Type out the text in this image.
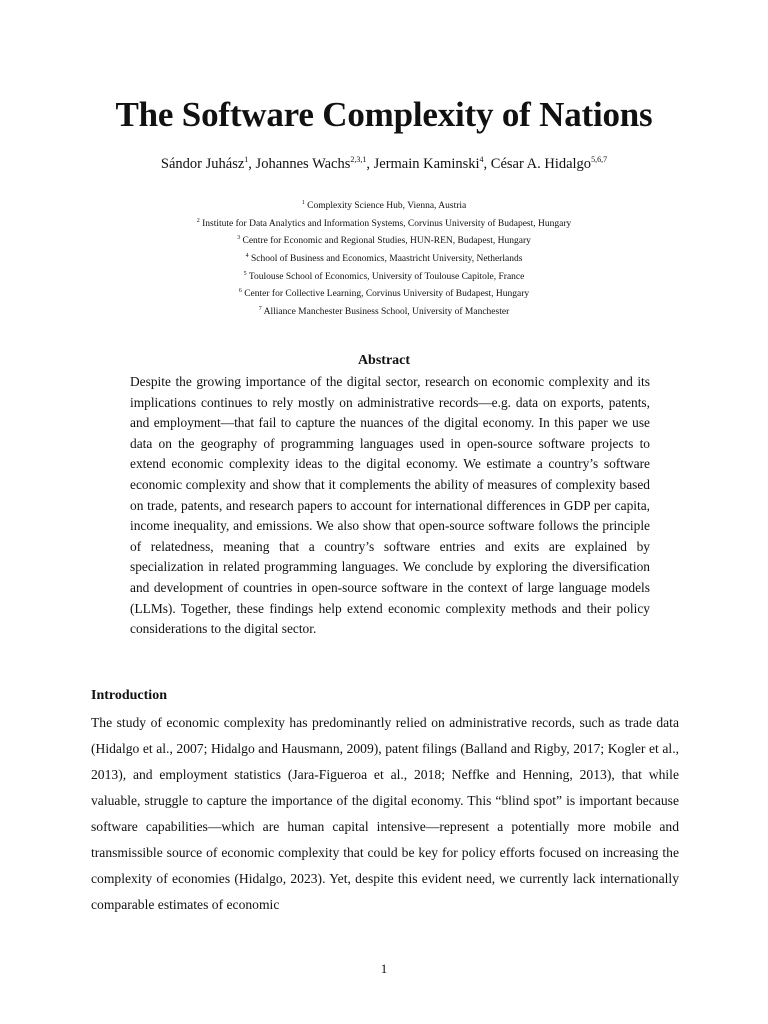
The Software Complexity of Nations

Sándor Juhász$^1$, Johannes Wachs$^{2,3,1}$, Jermain Kaminski$^4$, César A. Hidalgo$^{5,6,7}$

$^1$ Complexity Science Hub, Vienna, Austria
$^2$ Institute for Data Analytics and Information Systems, Corvinus University of Budapest, Hungary
$^3$ Centre for Economic and Regional Studies, HUN-REN, Budapest, Hungary
$^4$ School of Business and Economics, Maastricht University, Netherlands
$^5$ Toulouse School of Economics, University of Toulouse Capitole, France
$^6$ Center for Collective Learning, Corvinus University of Budapest, Hungary
$^7$ Alliance Manchester Business School, University of Manchester
Abstract

Despite the growing importance of the digital sector, research on economic complexity and its implications continues to rely mostly on administrative records—e.g. data on exports, patents, and employment—that fail to capture the nuances of the digital economy. In this paper we use data on the geography of programming languages used in open-source software projects to extend economic complexity ideas to the digital economy. We estimate a country’s software economic complexity and show that it complements the ability of measures of complexity based on trade, patents, and research papers to account for international differences in GDP per capita, income inequality, and emissions. We also show that open-source software follows the principle of relatedness, meaning that a country’s software entries and exits are explained by specialization in related programming languages. We conclude by exploring the diversification and development of countries in open-source software in the context of large language models (LLMs). Together, these findings help extend economic complexity methods and their policy considerations to the digital sector.

Introduction

The study of economic complexity has predominantly relied on administrative records, such as trade data (Hidalgo et al., 2007; Hidalgo and Hausmann, 2009), patent filings (Balland and Rigby, 2017; Kogler et al., 2013), and employment statistics (Jara-Figueroa et al., 2018; Neffke and Henning, 2013), that while valuable, struggle to capture the importance of the digital economy. This “blind spot” is important because software capabilities—which are human capital intensive—represent a potentially more mobile and transmissible source of economic complexity that could be key for policy efforts focused on increasing the complexity of economies (Hidalgo, 2023). Yet, despite this evident need, we currently lack internationally comparable estimates of economic

1
